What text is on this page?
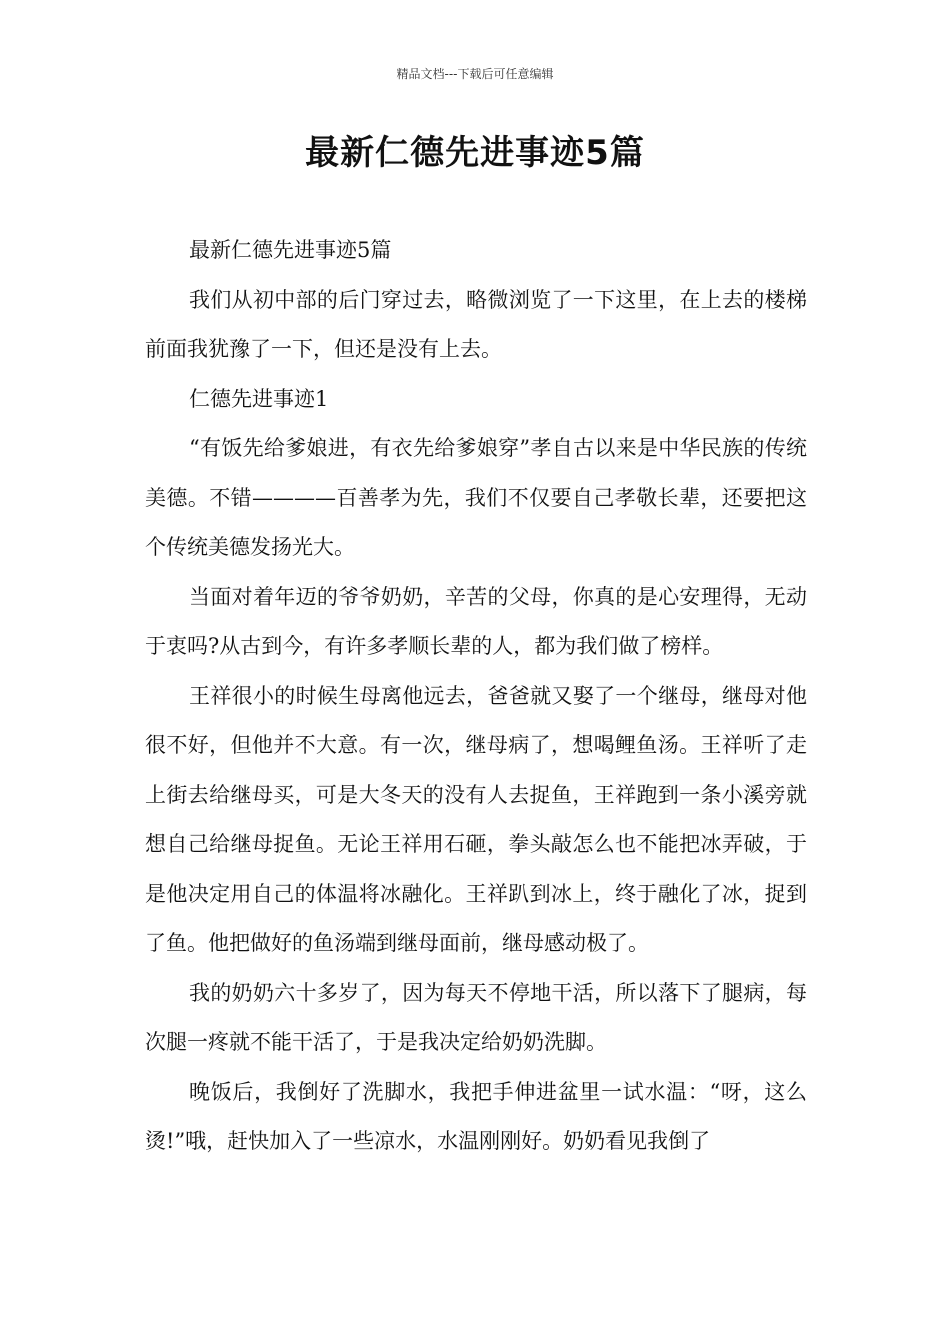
精品文档---下载后可任意编辑
最新仁德先进事迹5篇

最新仁德先进事迹5篇

我们从初中部的后门穿过去，略微浏览了一下这里，在上去的楼梯前面我犹豫了一下，但还是没有上去。

仁德先进事迹1

“有饭先给爹娘进，有衣先给爹娘穿”孝自古以来是中华民族的传统美德。不错————百善孝为先，我们不仅要自己孝敬长辈，还要把这个传统美德发扬光大。

当面对着年迈的爷爷奶奶，辛苦的父母，你真的是心安理得，无动于衷吗?从古到今，有许多孝顺长辈的人，都为我们做了榜样。

王祥很小的时候生母离他远去，爸爸就又娶了一个继母，继母对他很不好，但他并不大意。有一次，继母病了，想喝鲤鱼汤。王祥听了走上街去给继母买，可是大冬天的没有人去捉鱼，王祥跑到一条小溪旁就想自己给继母捉鱼。无论王祥用石砸，拳头敲怎么也不能把冰弄破，于是他决定用自己的体温将冰融化。王祥趴到冰上，终于融化了冰，捉到了鱼。他把做好的鱼汤端到继母面前，继母感动极了。

我的奶奶六十多岁了，因为每天不停地干活，所以落下了腿病，每次腿一疼就不能干活了，于是我决定给奶奶洗脚。

晚饭后，我倒好了洗脚水，我把手伸进盆里一试水温：“呀，这么烫!”哦，赶快加入了一些凉水，水温刚刚好。奶奶看见我倒了
